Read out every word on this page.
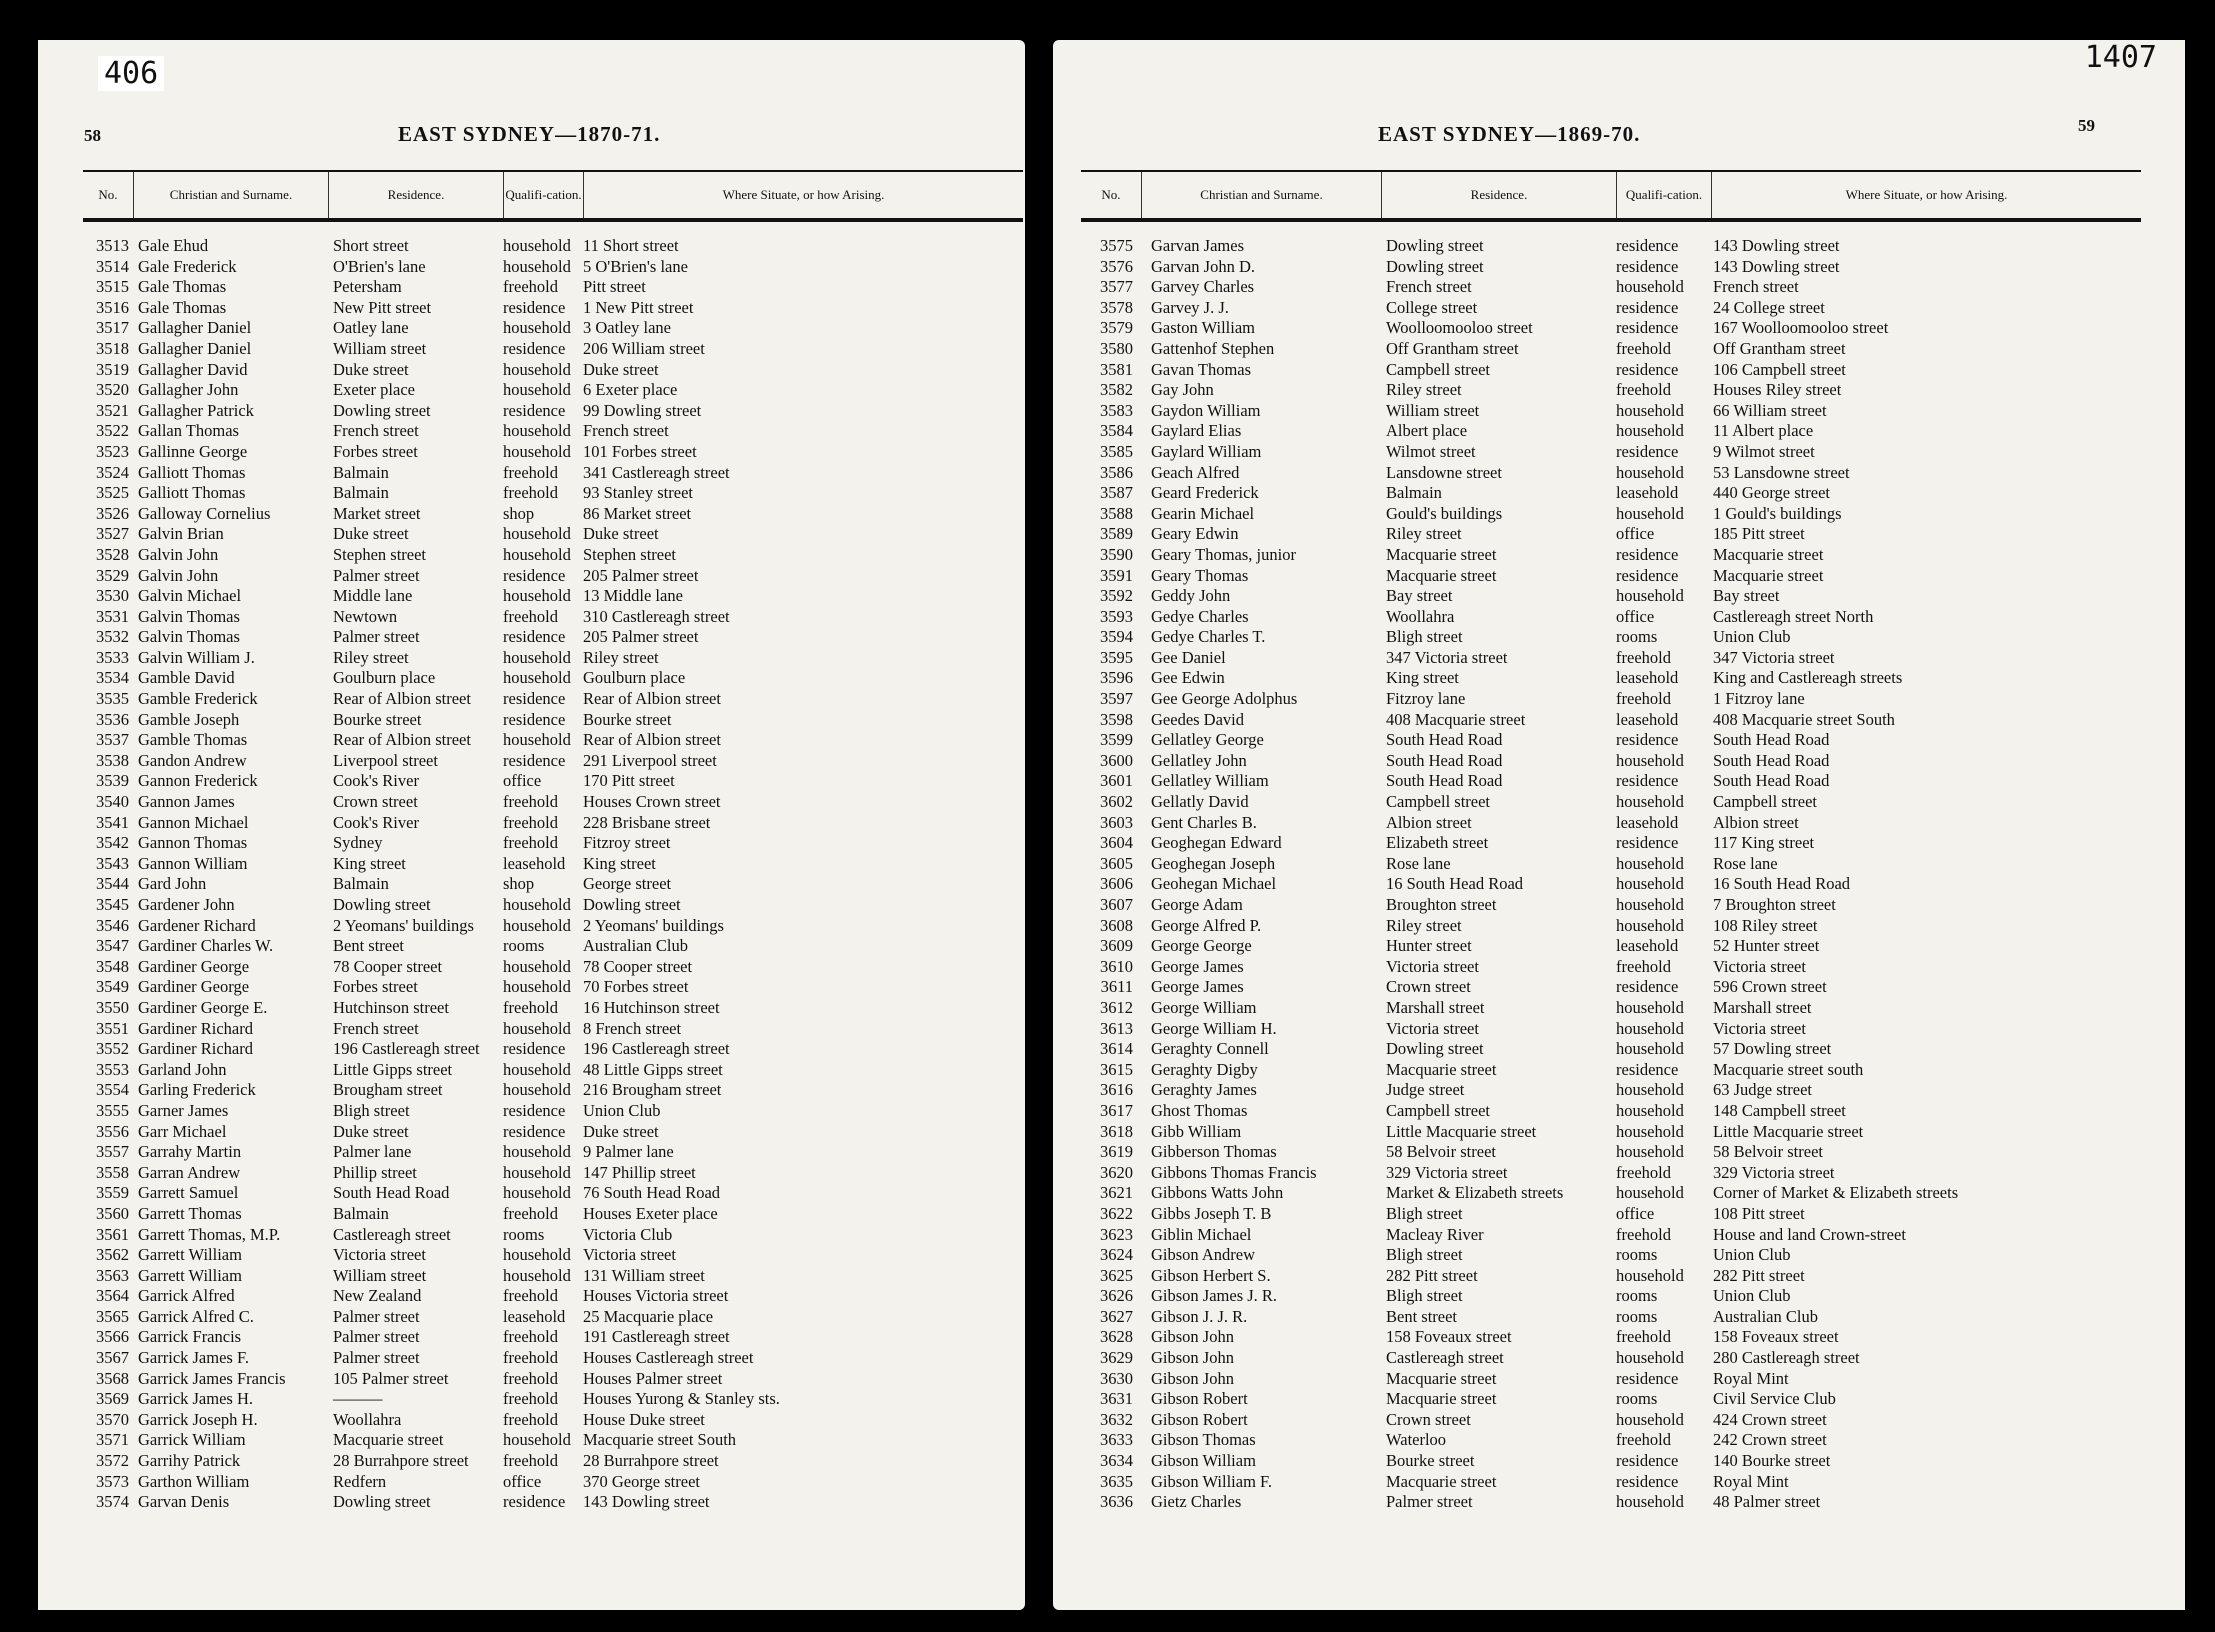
406
58	EAST SYDNEY—1870-71.
No.	Christian and Surname.	Residence.	Qualifi-cation.	Where Situate, or how Arising.
3513 Gale Ehud	Short street	household 11 Short street
3514 Gale Frederick	O'Brien's lane	household 5 O'Brien's lane
3515 Gale Thomas	Petersham	freehold Pitt street
3516 Gale Thomas	New Pitt street	residence 1 New Pitt street
3517 Gallagher Daniel	Oatley lane	household 3 Oatley lane
3518 Gallagher Daniel	William street	residence 206 William street
3519 Gallagher David	Duke street	household Duke street
3520 Gallagher John	Exeter place	household 6 Exeter place
3521 Gallagher Patrick	Dowling street	residence 99 Dowling street
3522 Gallan Thomas	French street	household French street
3523 Gallinne George	Forbes street	household 101 Forbes street
3524 Galliott Thomas	Balmain	freehold 341 Castlereagh street
3525 Galliott Thomas	Balmain	freehold 93 Stanley street
3526 Galloway Cornelius	Market street	shop	86 Market street
3527 Galvin Brian	Duke street	household Duke street
3528 Galvin John	Stephen street	household Stephen street
3529 Galvin John	Palmer street	residence 205 Palmer street
3530 Galvin Michael	Middle lane	household 13 Middle lane
3531 Galvin Thomas	Newtown	freehold 310 Castlereagh street
3532 Galvin Thomas	Palmer street	residence 205 Palmer street
3533 Galvin William J.	Riley street	household Riley street
3534 Gamble David	Goulburn place	household Goulburn place
3535 Gamble Frederick	Rear of Albion street residence Rear of Albion street
3536 Gamble Joseph	Bourke street	residence Bourke street
3537 Gamble Thomas	Rear of Albion street household Rear of Albion street
3538 Gandon Andrew	Liverpool street	residence 291 Liverpool street
3539 Gannon Frederick	Cook's River	office	170 Pitt street
3540 Gannon James	Crown street	freehold Houses Crown street
3541 Gannon Michael	Cook's River	freehold 228 Brisbane street
3542 Gannon Thomas	Sydney	freehold Fitzroy street
3543 Gannon William	King street	leasehold King street
3544 Gard John	Balmain	shop	George street
3545 Gardener John	Dowling street	household Dowling street
3546 Gardener Richard	2 Yeomans' buildings household 2 Yeomans' buildings
3547 Gardiner Charles W.	Bent street	rooms Australian Club
3548 Gardiner George	78 Cooper street	household 78 Cooper street
3549 Gardiner George	Forbes street	household 70 Forbes street
3550 Gardiner George E.	Hutchinson street	freehold 16 Hutchinson street
3551 Gardiner Richard	French street	household 8 French street
3552 Gardiner Richard	196 Castlereagh street residence 196 Castlereagh street
3553 Garland John	Little Gipps street	household 48 Little Gipps street
3554 Garling Frederick	Brougham street	household 216 Brougham street
3555 Garner James	Bligh street	residence Union Club
3556 Garr Michael	Duke street	residence Duke street
3557 Garrahy Martin	Palmer lane	household 9 Palmer lane
3558 Garran Andrew	Phillip street	household 147 Phillip street
3559 Garrett Samuel	South Head Road	household 76 South Head Road
3560 Garrett Thomas	Balmain	freehold Houses Exeter place
3561 Garrett Thomas, M.P.	Castlereagh street	rooms Victoria Club
3562 Garrett William	Victoria street	household Victoria street
3563 Garrett William	William street	household 131 William street
3564 Garrick Alfred	New Zealand	freehold Houses Victoria street
3565 Garrick Alfred C.	Palmer street	leasehold 25 Macquarie place
3566 Garrick Francis	Palmer street	freehold 191 Castlereagh street
3567 Garrick James F.	Palmer street	freehold Houses Castlereagh street
3568 Garrick James Francis	105 Palmer street	freehold Houses Palmer street
3569 Garrick James H.	———	freehold Houses Yurong & Stanley sts.
3570 Garrick Joseph H.	Woollahra	freehold House Duke street
3571 Garrick William	Macquarie street	household Macquarie street South
3572 Garrihy Patrick	28 Burrahpore street freehold 28 Burrahpore street
3573 Garthon William	Redfern	office	370 George street
3574 Garvan Denis	Dowling street	residence 143 Dowling street
1407
59
EAST SYDNEY—1869-70.
No.	Christian and Surname.	Residence.	Qualifi-cation.	Where Situate, or how Arising.
3575 Garvan James	Dowling street	residence 143 Dowling street
3576 Garvan John D.	Dowling street	residence 143 Dowling street
3577 Garvey Charles	French street	household French street
3578 Garvey J. J.	College street	residence 24 College street
3579 Gaston William	Woolloomooloo street	residence 167 Woolloomooloo street
3580 Gattenhof Stephen	Off Grantham street	freehold	Off Grantham street
3581 Gavan Thomas	Campbell street	residence 106 Campbell street
3582 Gay John	Riley street	freehold	Houses Riley street
3583 Gaydon William	William street	household 66 William street
3584 Gaylard Elias	Albert place	household 11 Albert place
3585 Gaylard William	Wilmot street	residence 9 Wilmot street
3586 Geach Alfred	Lansdowne street	household 53 Lansdowne street
3587 Geard Frederick	Balmain	leasehold 440 George street
3588 Gearin Michael	Gould's buildings	household 1 Gould's buildings
3589 Geary Edwin	Riley street	office	185 Pitt street
3590 Geary Thomas, junior	Macquarie street	residence Macquarie street
3591 Geary Thomas	Macquarie street	residence Macquarie street
3592 Geddy John	Bay street	household Bay street
3593 Gedye Charles	Woollahra	office	Castlereagh street North
3594 Gedye Charles T.	Bligh street	rooms	Union Club
3595 Gee Daniel	347 Victoria street	freehold	347 Victoria street
3596 Gee Edwin	King street	leasehold King and Castlereagh streets
3597 Gee George Adolphus	Fitzroy lane	freehold	1 Fitzroy lane
3598 Geedes David	408 Macquarie street	leasehold 408 Macquarie street South
3599 Gellatley George	South Head Road	residence South Head Road
3600 Gellatley John	South Head Road	household South Head Road
3601 Gellatley William	South Head Road	residence South Head Road
3602 Gellatly David	Campbell street	household Campbell street
3603 Gent Charles B.	Albion street	leasehold Albion street
3604 Geoghegan Edward	Elizabeth street	residence 117 King street
3605 Geoghegan Joseph	Rose lane	household Rose lane
3606 Geohegan Michael	16 South Head Road	household 16 South Head Road
3607 George Adam	Broughton street	household 7 Broughton street
3608 George Alfred P.	Riley street	household 108 Riley street
3609 George George	Hunter street	leasehold 52 Hunter street
3610 George James	Victoria street	freehold	Victoria street
3611 George James	Crown street	residence 596 Crown street
3612 George William	Marshall street	household Marshall street
3613 George William H.	Victoria street	household Victoria street
3614 Geraghty Connell	Dowling street	household 57 Dowling street
3615 Geraghty Digby	Macquarie street	residence Macquarie street south
3616 Geraghty James	Judge street	household 63 Judge street
3617 Ghost Thomas	Campbell street	household 148 Campbell street
3618 Gibb William	Little Macquarie street	household Little Macquarie street
3619 Gibberson Thomas	58 Belvoir street	household 58 Belvoir street
3620 Gibbons Thomas Francis	329 Victoria street	freehold	329 Victoria street
3621 Gibbons Watts John	Market & Elizabeth streets	household Corner of Market & Elizabeth streets
3622 Gibbs Joseph T. B	Bligh street	office	108 Pitt street
3623 Giblin Michael	Macleay River	freehold	House and land Crown-street
3624 Gibson Andrew	Bligh street	rooms	Union Club
3625 Gibson Herbert S.	282 Pitt street	household 282 Pitt street
3626 Gibson James J. R.	Bligh street	rooms	Union Club
3627 Gibson J. J. R.	Bent street	rooms	Australian Club
3628 Gibson John	158 Foveaux street	freehold	158 Foveaux street
3629 Gibson John	Castlereagh street	household 280 Castlereagh street
3630 Gibson John	Macquarie street	residence Royal Mint
3631 Gibson Robert	Macquarie street	rooms	Civil Service Club
3632 Gibson Robert	Crown street	household 424 Crown street
3633 Gibson Thomas	Waterloo	freehold	242 Crown street
3634 Gibson William	Bourke street	residence 140 Bourke street
3635 Gibson William F.	Macquarie street	residence Royal Mint
3636 Gietz Charles	Palmer street	household 48 Palmer street
